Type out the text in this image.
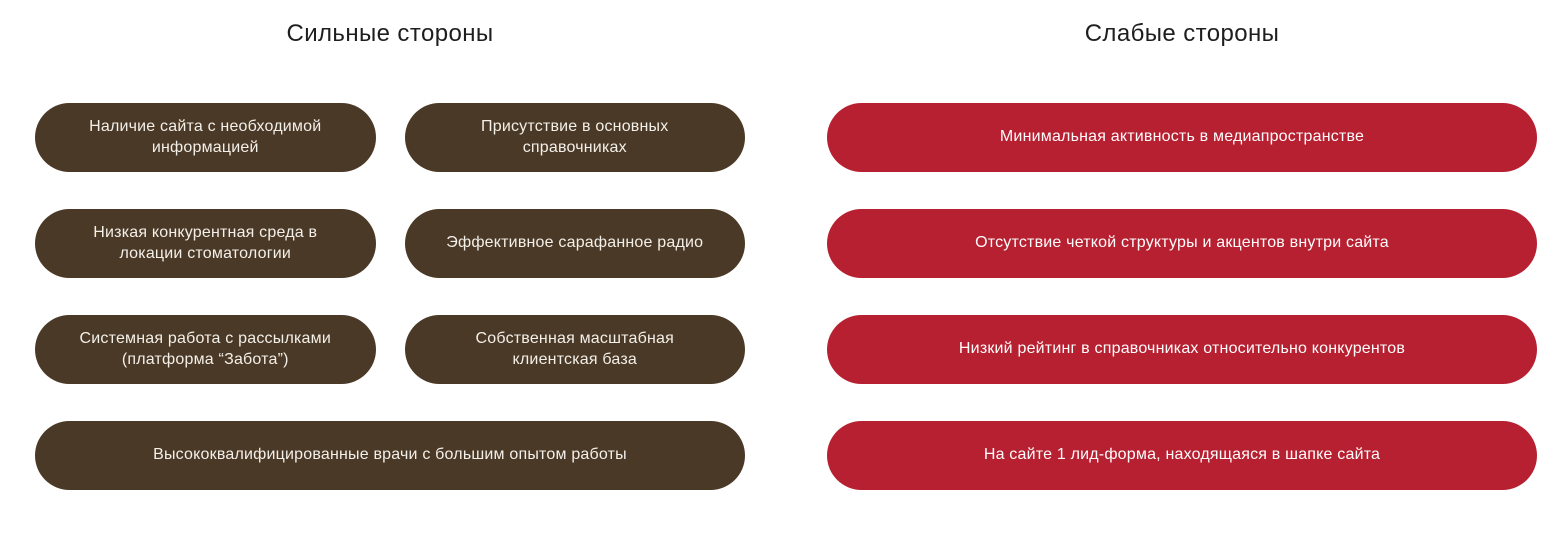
Сильные стороны
Наличие сайта с необходимой информацией
Присутствие в основных справочниках
Низкая конкурентная среда в локации стоматологии
Эффективное сарафанное радио
Системная работа с рассылками (платформа “Забота”)
Собственная масштабная клиентская база
Высококвалифицированные врачи с большим опытом работы
Слабые стороны
Минимальная активность в медиапространстве
Отсутствие четкой структуры и акцентов внутри сайта
Низкий рейтинг в справочниках относительно конкурентов
На сайте 1 лид-форма, находящаяся в шапке сайта
